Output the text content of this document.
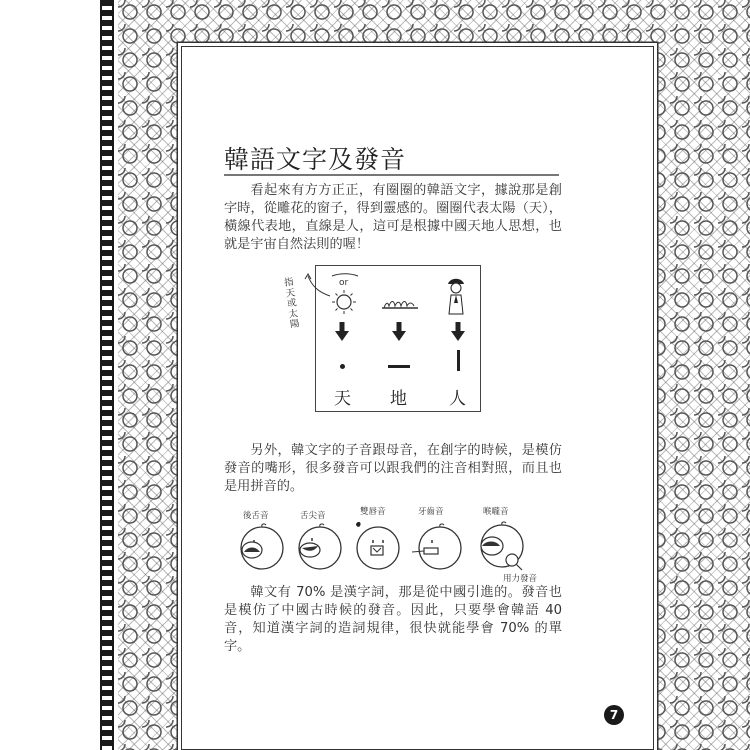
韓語文字及發音

看起來有方方正正，有圈圈的韓語文字，據說那是創字時，從雕花的窗子，得到靈感的。圈圈代表太陽（天），橫線代表地，直線是人，這可是根據中國天地人思想，也就是宇宙自然法則的喔！

指天或太陽
or
天 地 人

另外，韓文字的子音跟母音，在創字的時候，是模仿發音的嘴形，很多發音可以跟我們的注音相對照，而且也是用拼音的。

後舌音	舌尖音	雙唇音	牙齒音	喉嚨音
用力發音

韓文有 70% 是漢字詞，那是從中國引進的。發音也是模仿了中國古時候的發音。因此，只要學會韓語 40 音，知道漢字詞的造詞規律，很快就能學會 70% 的單字。

7
